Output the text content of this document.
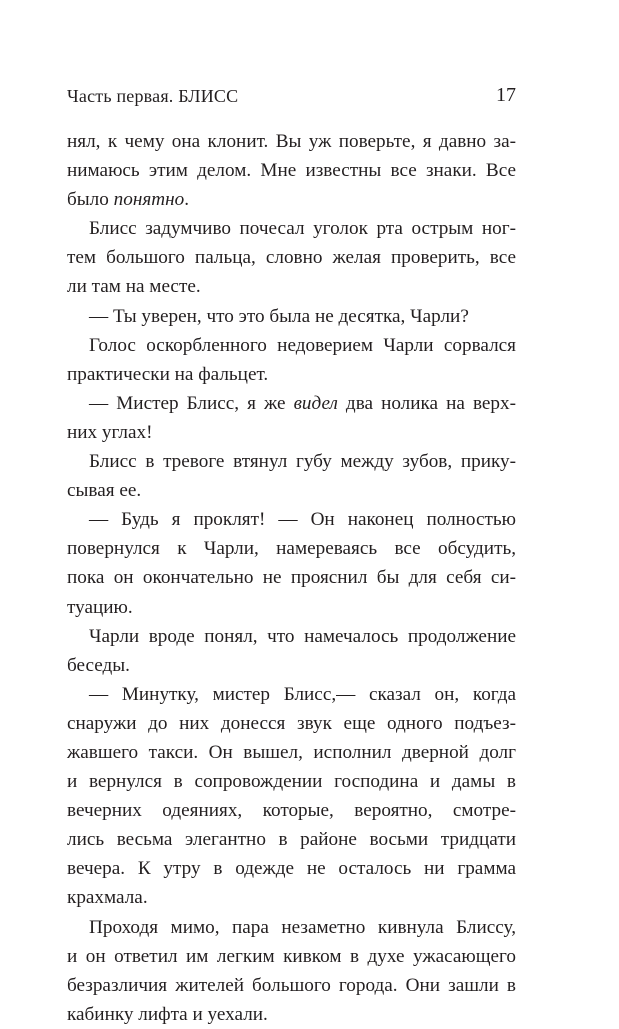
Часть первая. БЛИСС	17
нял, к чему она клонит. Вы уж поверьте, я давно за-
нимаюсь этим делом. Мне известны все знаки. Все
было понятно.
Блисс задумчиво почесал уголок рта острым ног-
тем большого пальца, словно желая проверить, все
ли там на месте.
— Ты уверен, что это была не десятка, Чарли?
Голос оскорбленного недоверием Чарли сорвался
практически на фальцет.
— Мистер Блисс, я же видел два нолика на верх-
них углах!
Блисс в тревоге втянул губу между зубов, прику-
сывая ее.
— Будь я проклят! — Он наконец полностью
повернулся к Чарли, намереваясь все обсудить,
пока он окончательно не прояснил бы для себя си-
туацию.
Чарли вроде понял, что намечалось продолжение
беседы.
— Минутку, мистер Блисс,— сказал он, когда
снаружи до них донесся звук еще одного подъез-
жавшего такси. Он вышел, исполнил дверной долг
и вернулся в сопровождении господина и дамы в
вечерних одеяниях, которые, вероятно, смотре-
лись весьма элегантно в районе восьми тридцати
вечера. К утру в одежде не осталось ни грамма
крахмала.
Проходя мимо, пара незаметно кивнула Блиссу,
и он ответил им легким кивком в духе ужасающего
безразличия жителей большого города. Они зашли в
кабинку лифта и уехали.
